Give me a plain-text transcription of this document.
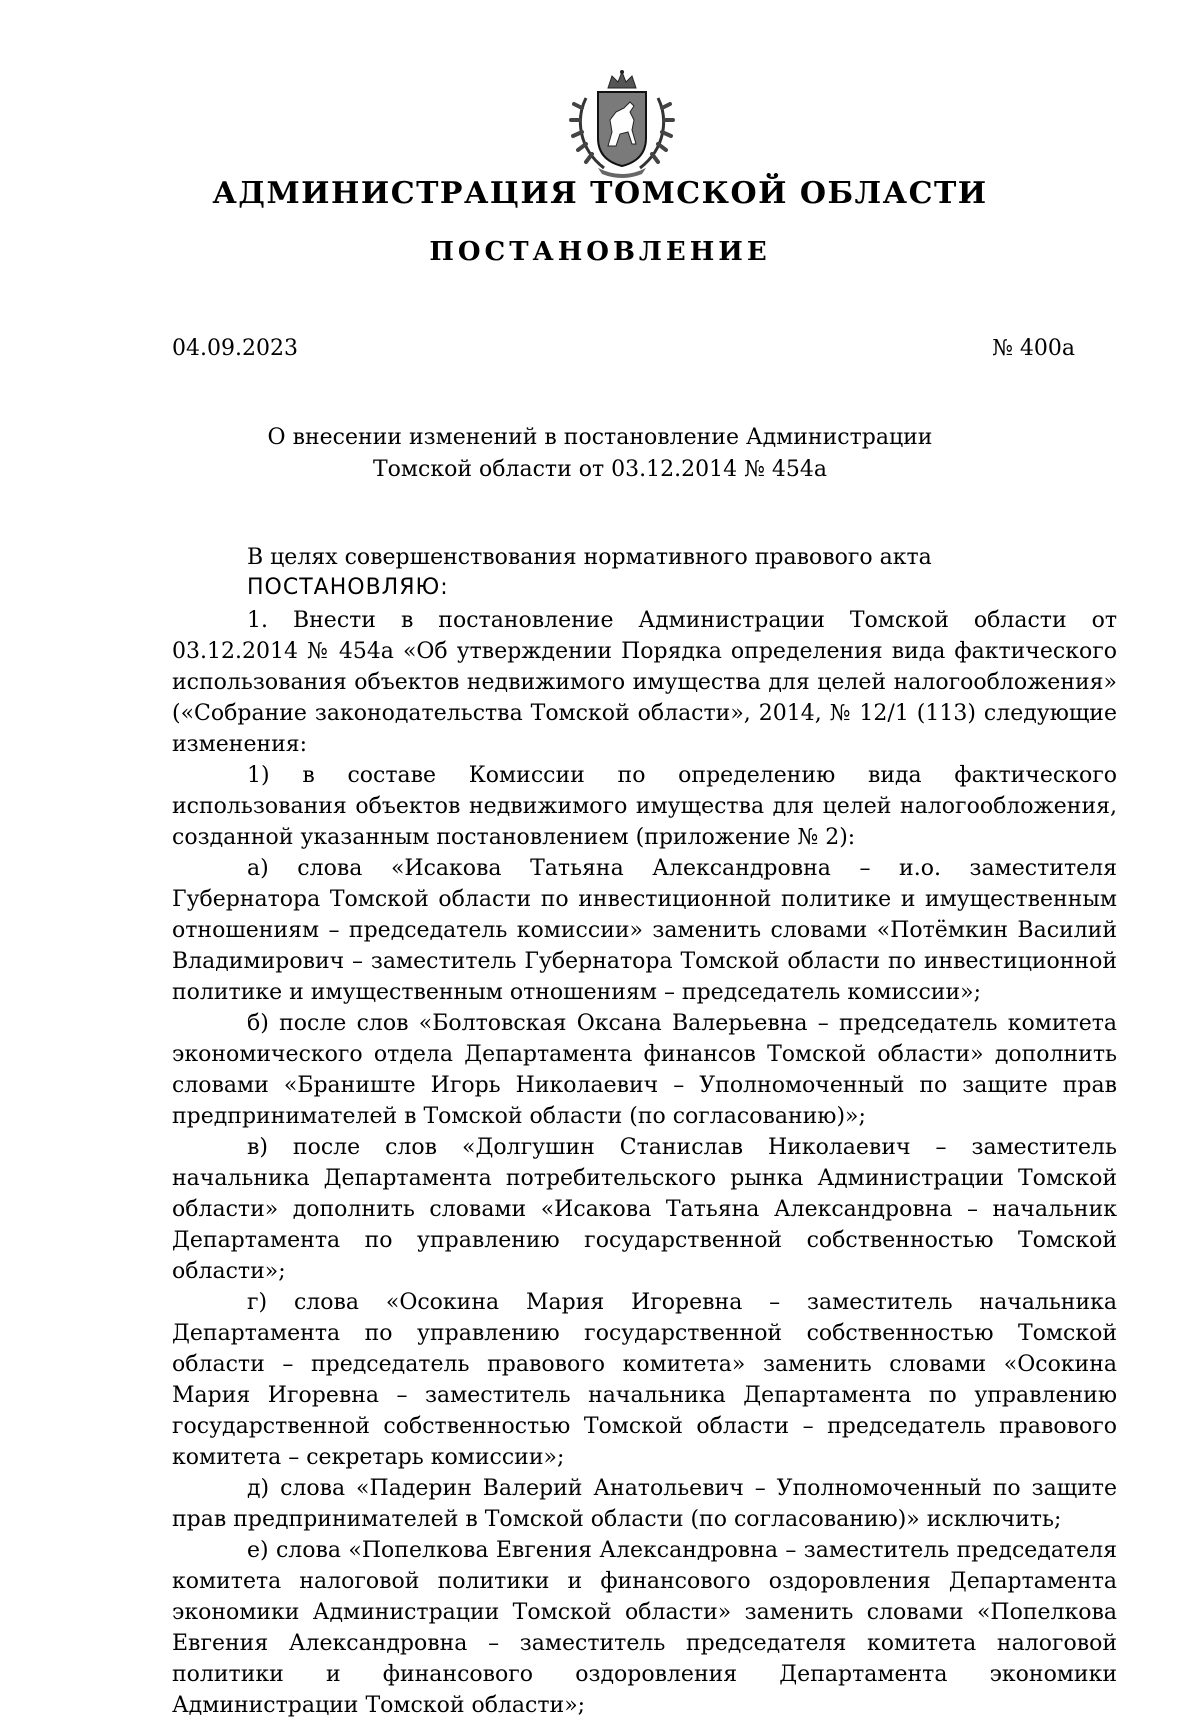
АДМИНИСТРАЦИЯ ТОМСКОЙ ОБЛАСТИ
ПОСТАНОВЛЕНИЕ
04.09.2023	№ 400а
О внесении изменений в постановление Администрации
Томской области от 03.12.2014 № 454а

В целях совершенствования нормативного правового акта

ПОСТАНОВЛЯЮ:

1. Внести в постановление Администрации Томской области от 03.12.2014 № 454а «Об утверждении Порядка определения вида фактического использования объектов недвижимого имущества для целей налогообложения» («Собрание законодательства Томской области», 2014, № 12/1 (113) следующие изменения:

1) в составе Комиссии по определению вида фактического использования объектов недвижимого имущества для целей налогообложения, созданной указанным постановлением (приложение № 2):

а) слова «Исакова Татьяна Александровна – и.о. заместителя Губернатора Томской области по инвестиционной политике и имущественным отношениям – председатель комиссии» заменить словами «Потёмкин Василий Владимирович – заместитель Губернатора Томской области по инвестиционной политике и имущественным отношениям – председатель комиссии»;

б) после слов «Болтовская Оксана Валерьевна – председатель комитета экономического отдела Департамента финансов Томской области» дополнить словами «Браниште Игорь Николаевич – Уполномоченный по защите прав предпринимателей в Томской области (по согласованию)»;

в) после слов «Долгушин Станислав Николаевич – заместитель начальника Департамента потребительского рынка Администрации Томской области» дополнить словами «Исакова Татьяна Александровна – начальник Департамента по управлению государственной собственностью Томской области»;

г) слова «Осокина Мария Игоревна – заместитель начальника Департамента по управлению государственной собственностью Томской области – председатель правового комитета» заменить словами «Осокина Мария Игоревна – заместитель начальника Департамента по управлению государственной собственностью Томской области – председатель правового комитета – секретарь комиссии»;

д) слова «Падерин Валерий Анатольевич – Уполномоченный по защите прав предпринимателей в Томской области (по согласованию)» исключить;

е) слова «Попелкова Евгения Александровна – заместитель председателя комитета налоговой политики и финансового оздоровления Департамента экономики Администрации Томской области» заменить словами «Попелкова Евгения Александровна – заместитель председателя комитета налоговой политики и финансового оздоровления Департамента экономики Администрации Томской области»;
